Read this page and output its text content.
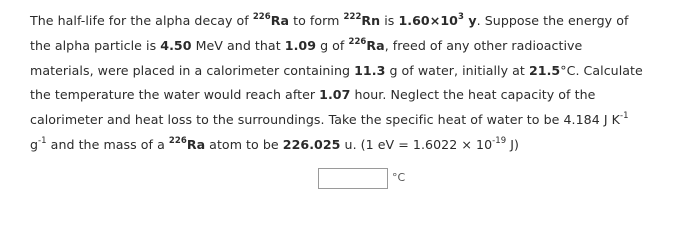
The half-life for the alpha decay of $^{226}$Ra to form $^{222}$Rn is $1.60\times 10^3$ y. Suppose the energy of
the alpha particle is 4.50 MeV and that 1.09 g of $^{226}$Ra, freed of any other radioactive
materials, were placed in a calorimeter containing 11.3 g of water, initially at 21.5°C. Calculate
the temperature the water would reach after 1.07 hour. Neglect the heat capacity of the
calorimeter and heat loss to the surroundings. Take the specific heat of water to be 4.184 J $K^{-1}$
$g^{-1}$ and the mass of a $^{226}$Ra atom to be 226.025 u. (1 eV = $1.6022 \times 10^{-19}$ J)
°C
